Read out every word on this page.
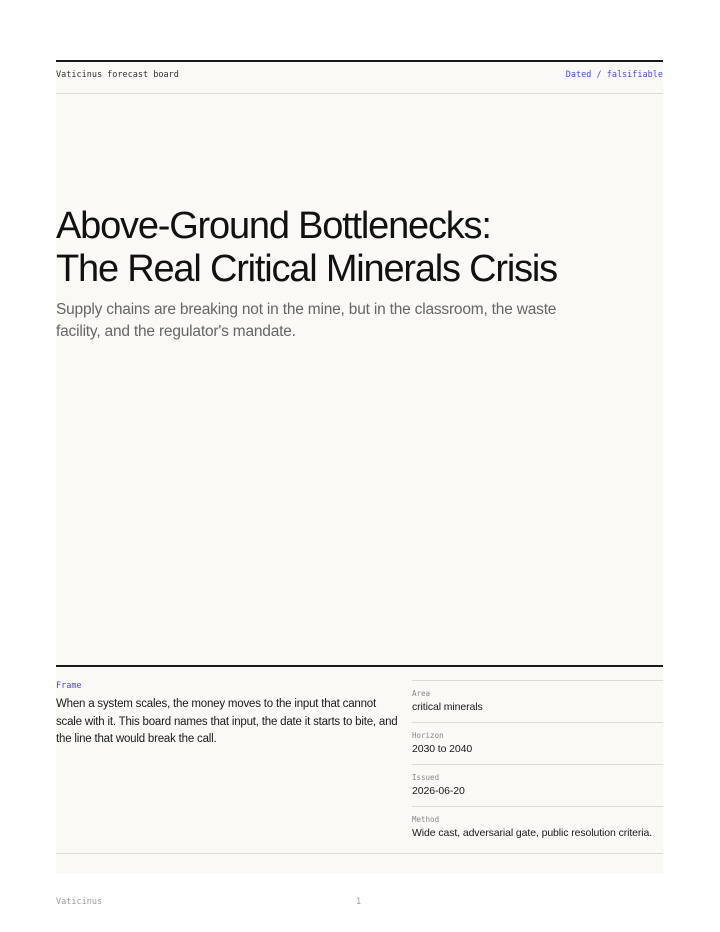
Vaticinus forecast board	Dated / falsifiable
Above-Ground Bottlenecks:
The Real Critical Minerals Crisis

Supply chains are breaking not in the mine, but in the classroom, the waste facility, and the regulator's mandate.

Frame

When a system scales, the money moves to the input that cannot scale with it. This board names that input, the date it starts to bite, and the line that would break the call.

Area
critical minerals
Horizon
2030 to 2040
Issued
2026-06-20
Method
Wide cast, adversarial gate, public resolution criteria.
Vaticinus	1
